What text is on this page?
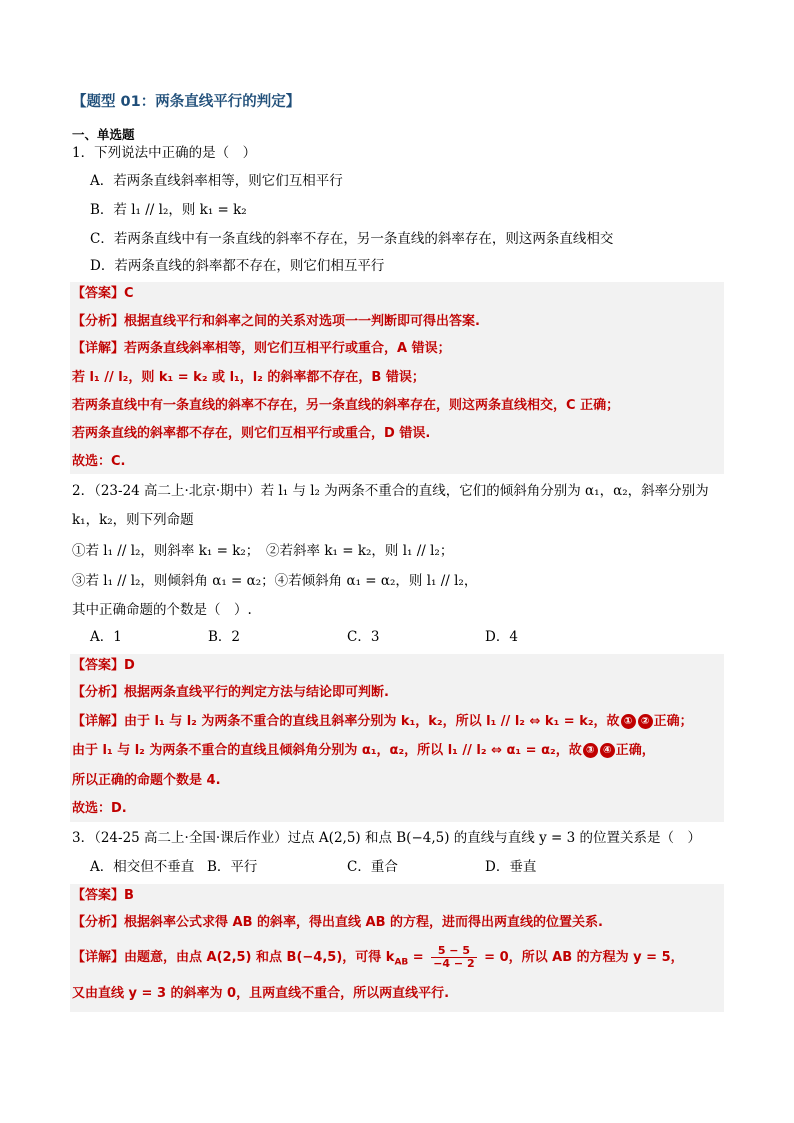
【题型 01：两条直线平行的判定】
一、单选题
1．下列说法中正确的是（　）
A．若两条直线斜率相等，则它们互相平行
B．若 l₁ // l₂，则 k₁ = k₂
C．若两条直线中有一条直线的斜率不存在，另一条直线的斜率存在，则这两条直线相交
D．若两条直线的斜率都不存在，则它们相互平行
【答案】C
【分析】根据直线平行和斜率之间的关系对选项一一判断即可得出答案.
【详解】若两条直线斜率相等，则它们互相平行或重合，A 错误；
若 l₁ // l₂，则 k₁ = k₂ 或 l₁，l₂ 的斜率都不存在，B 错误；
若两条直线中有一条直线的斜率不存在，另一条直线的斜率存在，则这两条直线相交，C 正确；
若两条直线的斜率都不存在，则它们互相平行或重合，D 错误.
故选：C.
2．（23-24 高二上·北京·期中）若 l₁ 与 l₂ 为两条不重合的直线，它们的倾斜角分别为 α₁，α₂，斜率分别为
k₁，k₂，则下列命题
①若 l₁ // l₂，则斜率 k₁ = k₂；　②若斜率 k₁ = k₂，则 l₁ // l₂；
③若 l₁ // l₂，则倾斜角 α₁ = α₂；④若倾斜角 α₁ = α₂，则 l₁ // l₂，
其中正确命题的个数是（　）.
A．1	B．2	C．3	D．4
【答案】D
【分析】根据两条直线平行的判定方法与结论即可判断.
【详解】由于 l₁ 与 l₂ 为两条不重合的直线且斜率分别为 k₁，k₂，所以 l₁ // l₂ ⇔ k₁ = k₂，故 ① ② 正确；
由于 l₁ 与 l₂ 为两条不重合的直线且倾斜角分别为 α₁，α₂，所以 l₁ // l₂ ⇔ α₁ = α₂，故 ③ ④ 正确，
所以正确的命题个数是 4.
故选：D.
3．（24-25 高二上·全国·课后作业）过点 A(2,5) 和点 B(−4,5) 的直线与直线 y = 3 的位置关系是（　）
A．相交但不垂直 B．平行	C．重合	D．垂直
【答案】B
【分析】根据斜率公式求得 AB 的斜率，得出直线 AB 的方程，进而得出两直线的位置关系.
【详解】由题意，由点 A(2,5) 和点 B(−4,5)，可得 $k_{AB} = \frac{5 - 5}{-4 - 2} = 0$，所以 AB 的方程为 y = 5，
又由直线 y = 3 的斜率为 0，且两直线不重合，所以两直线平行.
